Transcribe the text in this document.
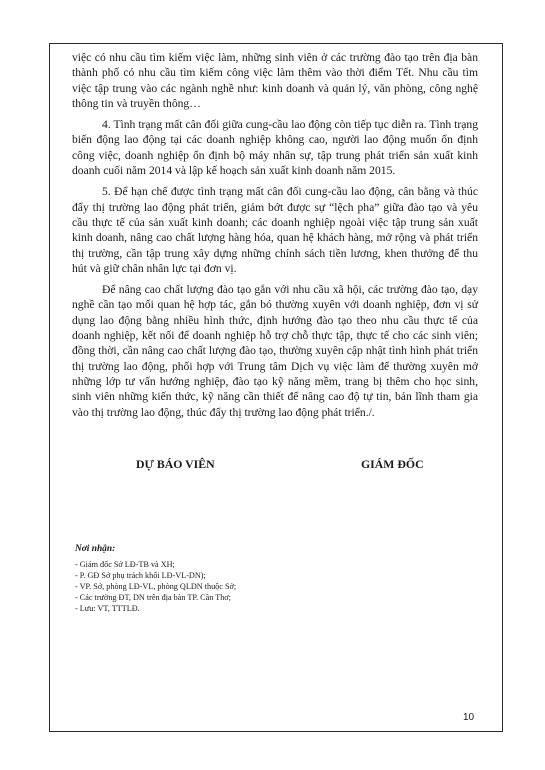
việc có nhu cầu tìm kiếm việc làm, những sinh viên ở các trường đào tạo trên địa bàn thành phố có nhu cầu tìm kiếm công việc làm thêm vào thời điểm Tết. Nhu cầu tìm việc tập trung vào các ngành nghề như: kinh doanh và quản lý, văn phòng, công nghệ thông tin và truyền thông…

4. Tình trạng mất cân đối giữa cung-cầu lao động còn tiếp tục diễn ra. Tình trạng biến động lao động tại các doanh nghiệp không cao, người lao động muốn ổn định công việc, doanh nghiệp ổn định bộ máy nhân sự, tập trung phát triển sản xuất kinh doanh cuối năm 2014 và lập kế hoạch sản xuất kinh doanh năm 2015.

5. Để hạn chế được tình trạng mất cân đối cung-cầu lao động, cân bằng và thúc đẩy thị trường lao động phát triển, giảm bớt được sự “lệch pha” giữa đào tạo và yêu cầu thực tế của sản xuất kinh doanh; các doanh nghiệp ngoài việc tập trung sản xuất kinh doanh, nâng cao chất lượng hàng hóa, quan hệ khách hàng, mở rộng và phát triển thị trường, cần tập trung xây dựng những chính sách tiền lương, khen thưởng để thu hút và giữ chân nhân lực tại đơn vị.

Để nâng cao chất lượng đào tạo gắn với nhu cầu xã hội, các trường đào tạo, dạy nghề cần tạo mối quan hệ hợp tác, gắn bó thường xuyên với doanh nghiệp, đơn vị sử dụng lao động bằng nhiều hình thức, định hướng đào tạo theo nhu cầu thực tế của doanh nghiệp, kết nối để doanh nghiệp hỗ trợ chỗ thực tập, thực tế cho các sinh viên; đồng thời, cần nâng cao chất lượng đào tạo, thường xuyên cập nhật tình hình phát triển thị trường lao động, phối hợp với Trung tâm Dịch vụ việc làm để thường xuyên mở những lớp tư vấn hướng nghiệp, đào tạo kỹ năng mềm, trang bị thêm cho học sinh, sinh viên những kiến thức, kỹ năng cần thiết để nâng cao độ tự tin, bản lĩnh tham gia vào thị trường lao động, thúc đẩy thị trường lao động phát triển./.

DỰ BÁO VIÊN	GIÁM ĐỐC
Nơi nhận:
- Giám đốc Sở LĐ-TB và XH;
- P. GĐ Sở phụ trách khối LĐ-VL-DN);
- VP. Sở, phòng LĐ-VL, phòng QLDN thuộc Sở;
- Các trường ĐT, DN trên địa bàn TP. Cần Thơ;
- Lưu: VT, TTTLĐ.
10
